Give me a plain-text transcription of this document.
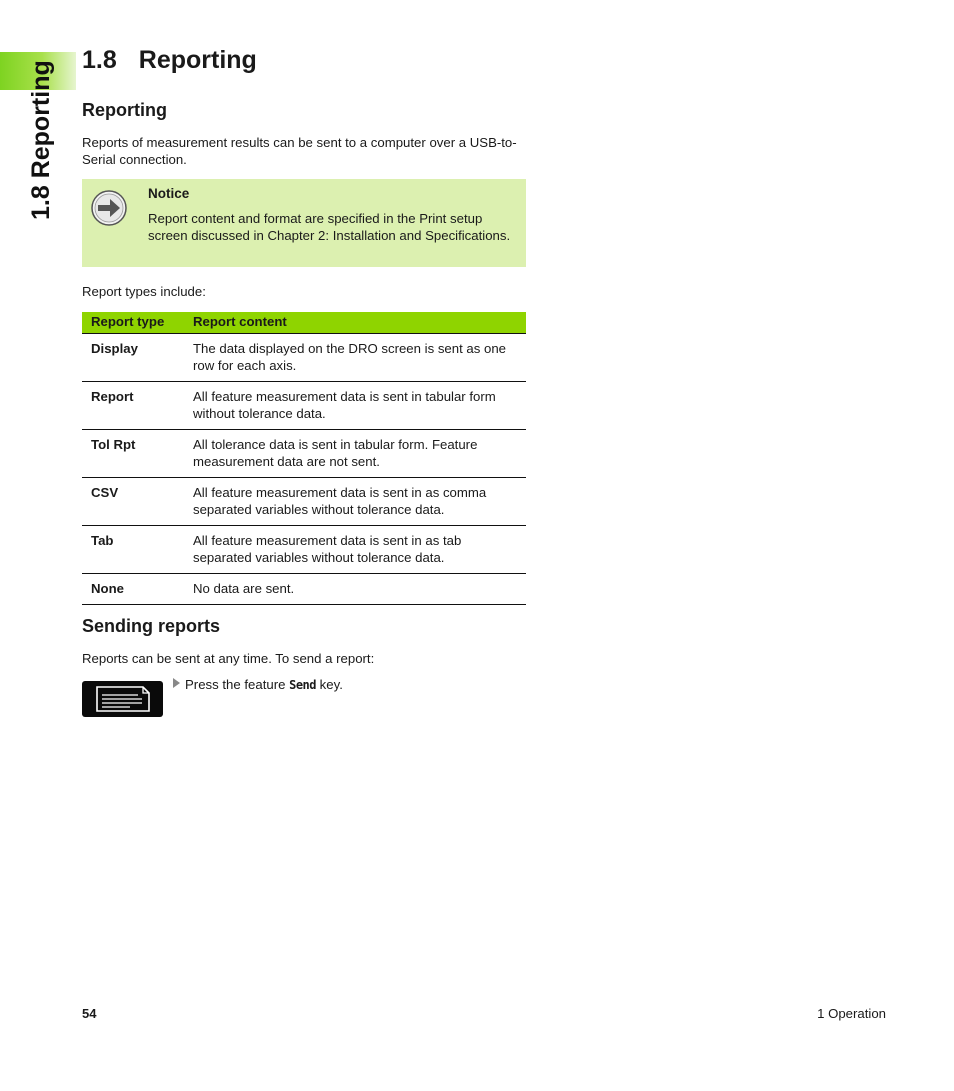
1.8 Reporting
1.8 Reporting
Reporting

Reports of measurement results can be sent to a computer over a USB-to-Serial connection.

Notice
Report content and format are specified in the Print setup screen discussed in Chapter 2: Installation and Specifications.

Report types include:

Report type	Report content
Display	The data displayed on the DRO screen is sent as one row for each axis.
Report	All feature measurement data is sent in tabular form without tolerance data.
Tol Rpt	All tolerance data is sent in tabular form. Feature measurement data are not sent.
CSV	All feature measurement data is sent in as comma separated variables without tolerance data.
Tab	All feature measurement data is sent in as tab separated variables without tolerance data.
None	No data are sent.
Sending reports

Reports can be sent at any time. To send a report:

Press the feature Send key.
54	1 Operation
